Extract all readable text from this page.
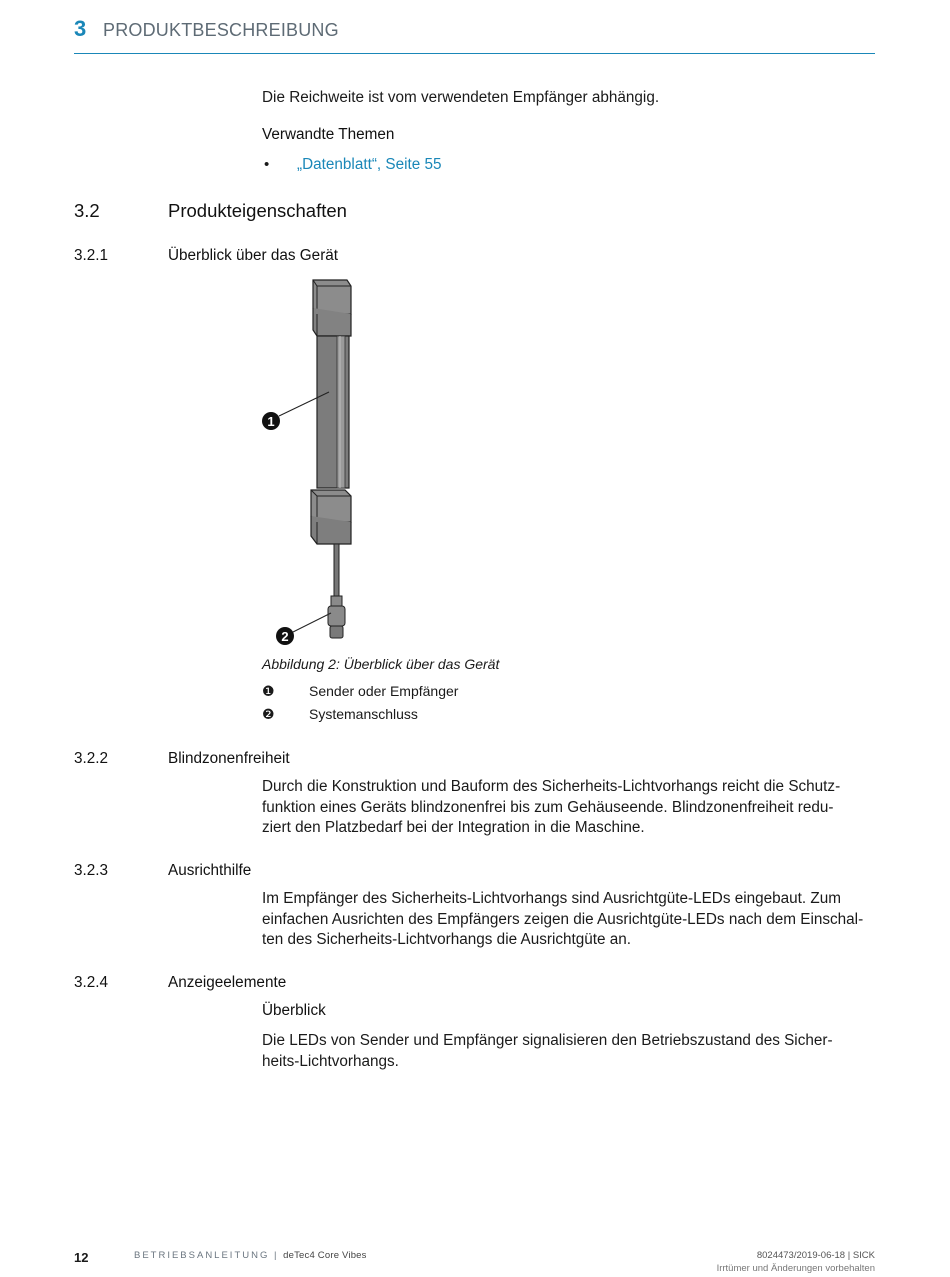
3 PRODUKTBESCHREIBUNG

Die Reichweite ist vom verwendeten Empfänger abhängig.

Verwandte Themen

• „Datenblatt“, Seite 55
3.2	Produkteigenschaften
3.2.1	Überblick über das Gerät
1
2

Abbildung 2: Überblick über das Gerät

❶ Sender oder Empfänger
❷ Systemanschluss
3.2.2	Blindzonenfreiheit
Durch die Konstruktion und Bauform des Sicherheits-Lichtvorhangs reicht die Schutz-
funktion eines Geräts blindzonenfrei bis zum Gehäuseende. Blindzonenfreiheit redu-
ziert den Platzbedarf bei der Integration in die Maschine.
3.2.3	Ausrichthilfe
Im Empfänger des Sicherheits-Lichtvorhangs sind Ausrichtgüte-LEDs eingebaut. Zum
einfachen Ausrichten des Empfängers zeigen die Ausrichtgüte-LEDs nach dem Einschal-
ten des Sicherheits-Lichtvorhangs die Ausrichtgüte an.
3.2.4	Anzeigeelemente

Überblick

Die LEDs von Sender und Empfänger signalisieren den Betriebszustand des Sicher-
heits-Lichtvorhangs.
12	BETRIEBSANLEITUNG | deTec4 Core Vibes	8024473/2019-06-18 | SICK
Irrtümer und Änderungen vorbehalten
